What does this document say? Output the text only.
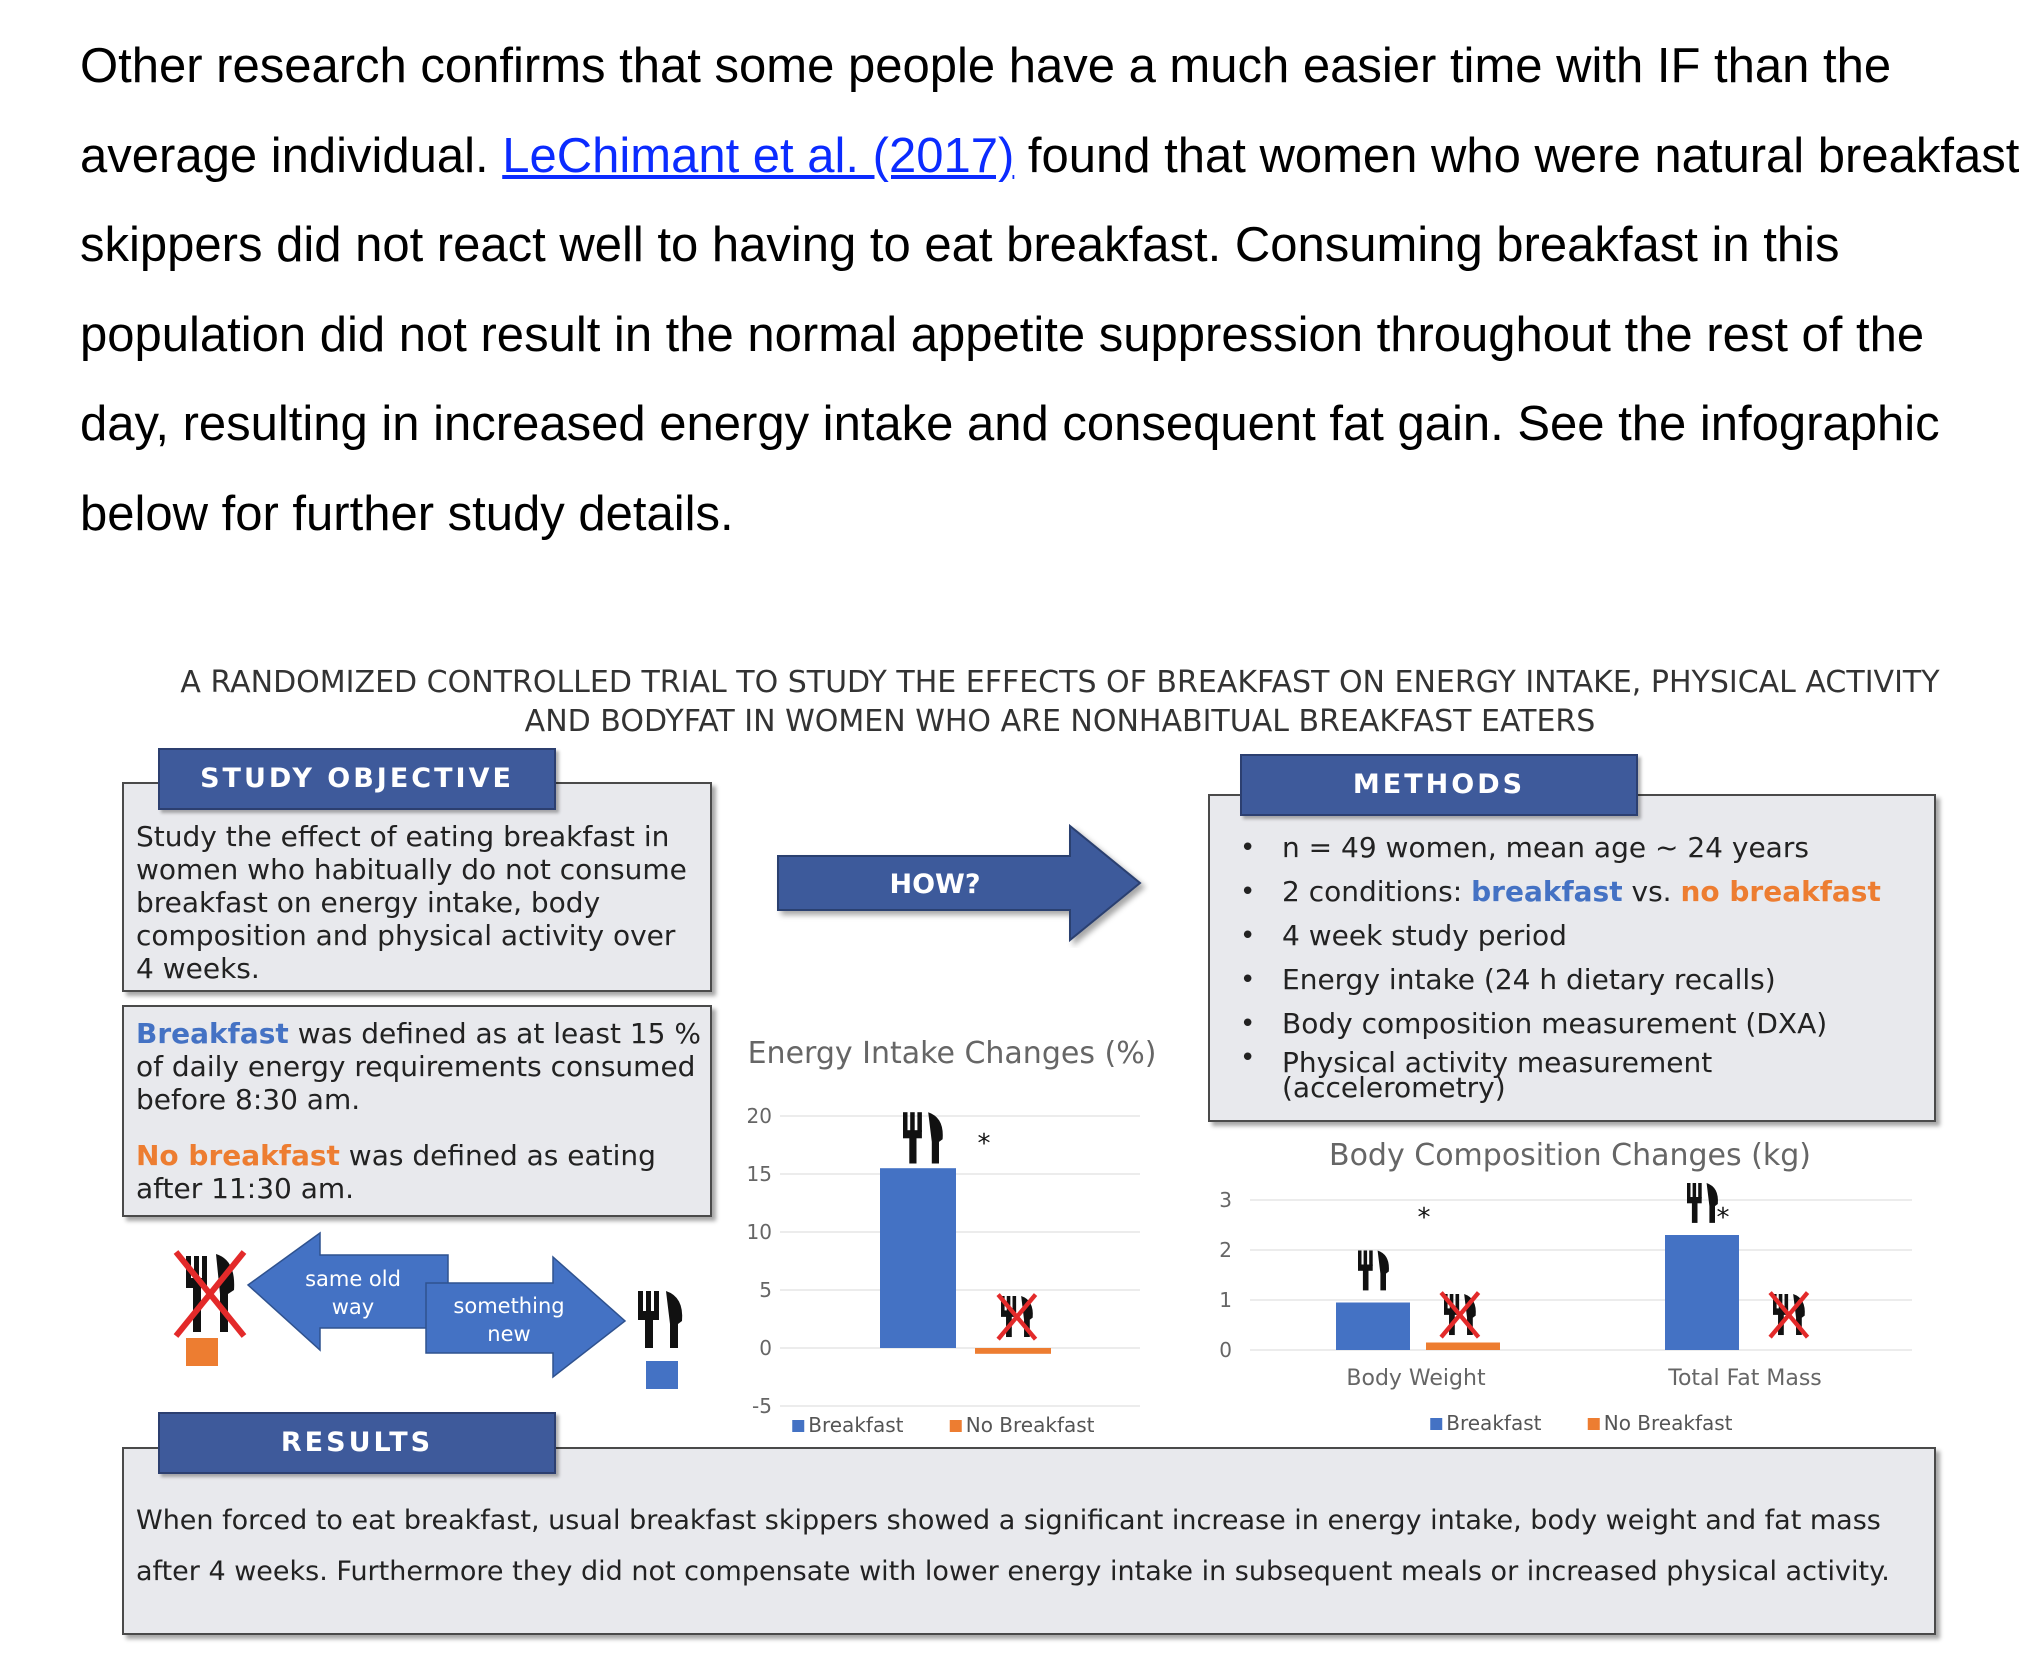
Other research confirms that some people have a much easier time with IF than the average individual. LeChimant et al. (2017) found that women who were natural breakfast skippers did not react well to having to eat breakfast. Consuming breakfast in this population did not result in the normal appetite suppression throughout the rest of the day, resulting in increased energy intake and consequent fat gain. See the infographic below for further study details.

A RANDOMIZED CONTROLLED TRIAL TO STUDY THE EFFECTS OF BREAKFAST ON ENERGY INTAKE, PHYSICAL ACTIVITY
AND BODYFAT IN WOMEN WHO ARE NONHABITUAL BREAKFAST EATERS
Study the effect of eating breakfast in women who habitually do not consume breakfast on energy intake, body composition and physical activity over 4 weeks.
STUDY OBJECTIVE
Breakfast was defined as at least 15 % of daily energy requirements consumed before 8:30 am.
No breakfast was defined as eating after 11:30 am.
HOW?
METHODS
• n = 49 women, mean age ~ 24 years
• 2 conditions: breakfast vs. no breakfast
• 4 week study period
• Energy intake (24 h dietary recalls)
• Body composition measurement (DXA)
• Physical activity measurement
(accelerometry)
same old
way	something
new
Energy Intake Changes (%)
-5
0
5
10
15
20
*
Breakfast	No Breakfast
Body Composition Changes (kg)
0
1
2
3
*
Body Weight
*
Total Fat Mass
Breakfast	No Breakfast
When forced to eat breakfast, usual breakfast skippers showed a significant increase in energy intake, body weight and fat mass
after 4 weeks. Furthermore they did not compensate with lower energy intake in subsequent meals or increased physical activity.
RESULTS
